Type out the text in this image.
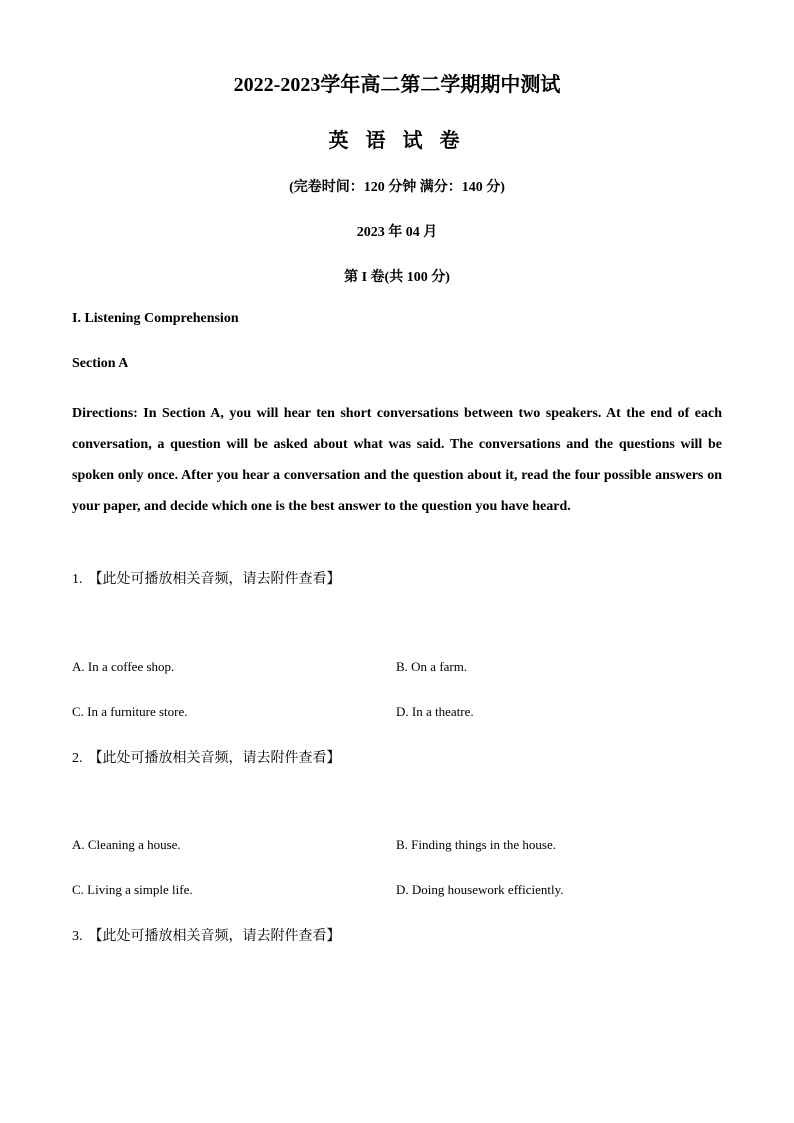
2022-2023学年高二第二学期期中测试
英 语 试 卷
(完卷时间：120 分钟 满分：140 分)
2023 年 04 月
第 I 卷(共 100 分)
I. Listening Comprehension
Section A
Directions: In Section A, you will hear ten short conversations between two speakers. At the end of each conversation, a question will be asked about what was said. The conversations and the questions will be spoken only once. After you hear a conversation and the question about it, read the four possible answers on your paper, and decide which one is the best answer to the question you have heard.
1. 【此处可播放相关音频，请去附件查看】
A. In a coffee shop.	B. On a farm.
C. In a furniture store.	D. In a theatre.
2. 【此处可播放相关音频，请去附件查看】
A. Cleaning a house.	B. Finding things in the house.
C. Living a simple life.	D. Doing housework efficiently.
3. 【此处可播放相关音频，请去附件查看】
